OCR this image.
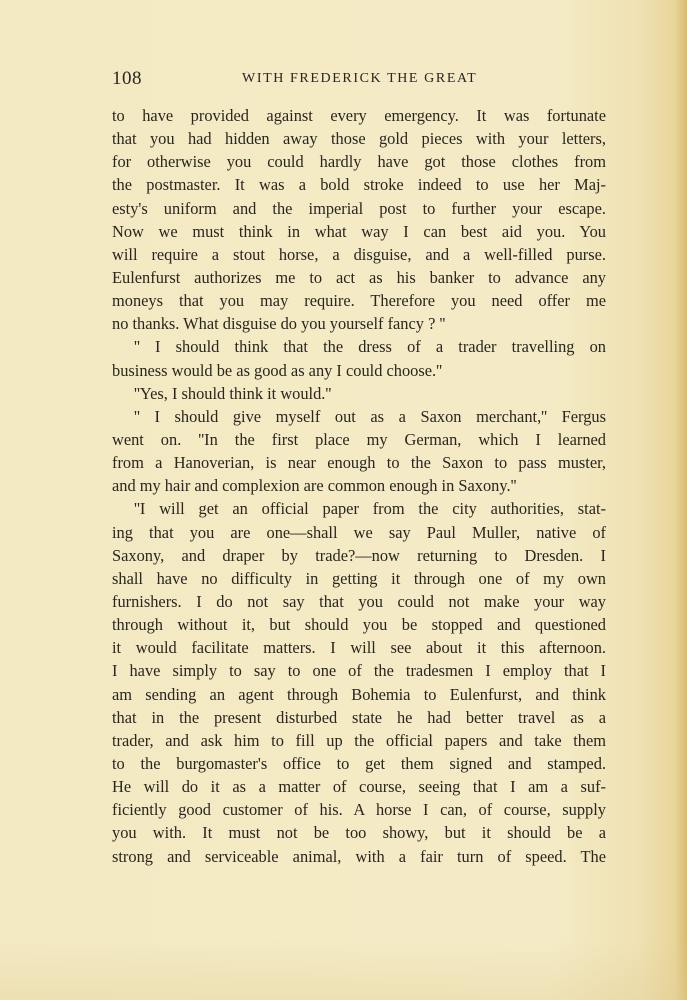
108	WITH FREDERICK THE GREAT
to have provided against every emergency. It was fortunate
that you had hidden away those gold pieces with your letters,
for otherwise you could hardly have got those clothes from
the postmaster. It was a bold stroke indeed to use her Maj-
esty's uniform and the imperial post to further your escape.
Now we must think in what way I can best aid you. You
will require a stout horse, a disguise, and a well-filled purse.
Eulenfurst authorizes me to act as his banker to advance any
moneys that you may require. Therefore you need offer me
no thanks. What disguise do you yourself fancy ? ''
'' I should think that the dress of a trader travelling on
business would be as good as any I could choose.''
''Yes, I should think it would.''
'' I should give myself out as a Saxon merchant,'' Fergus
went on. ''In the first place my German, which I learned
from a Hanoverian, is near enough to the Saxon to pass muster,
and my hair and complexion are common enough in Saxony.''
''I will get an official paper from the city authorities, stat-
ing that you are one—shall we say Paul Muller, native of
Saxony, and draper by trade?—now returning to Dresden. I
shall have no difficulty in getting it through one of my own
furnishers. I do not say that you could not make your way
through without it, but should you be stopped and questioned
it would facilitate matters. I will see about it this afternoon.
I have simply to say to one of the tradesmen I employ that I
am sending an agent through Bohemia to Eulenfurst, and think
that in the present disturbed state he had better travel as a
trader, and ask him to fill up the official papers and take them
to the burgomaster's office to get them signed and stamped.
He will do it as a matter of course, seeing that I am a suf-
ficiently good customer of his. A horse I can, of course, supply
you with. It must not be too showy, but it should be a
strong and serviceable animal, with a fair turn of speed. The
